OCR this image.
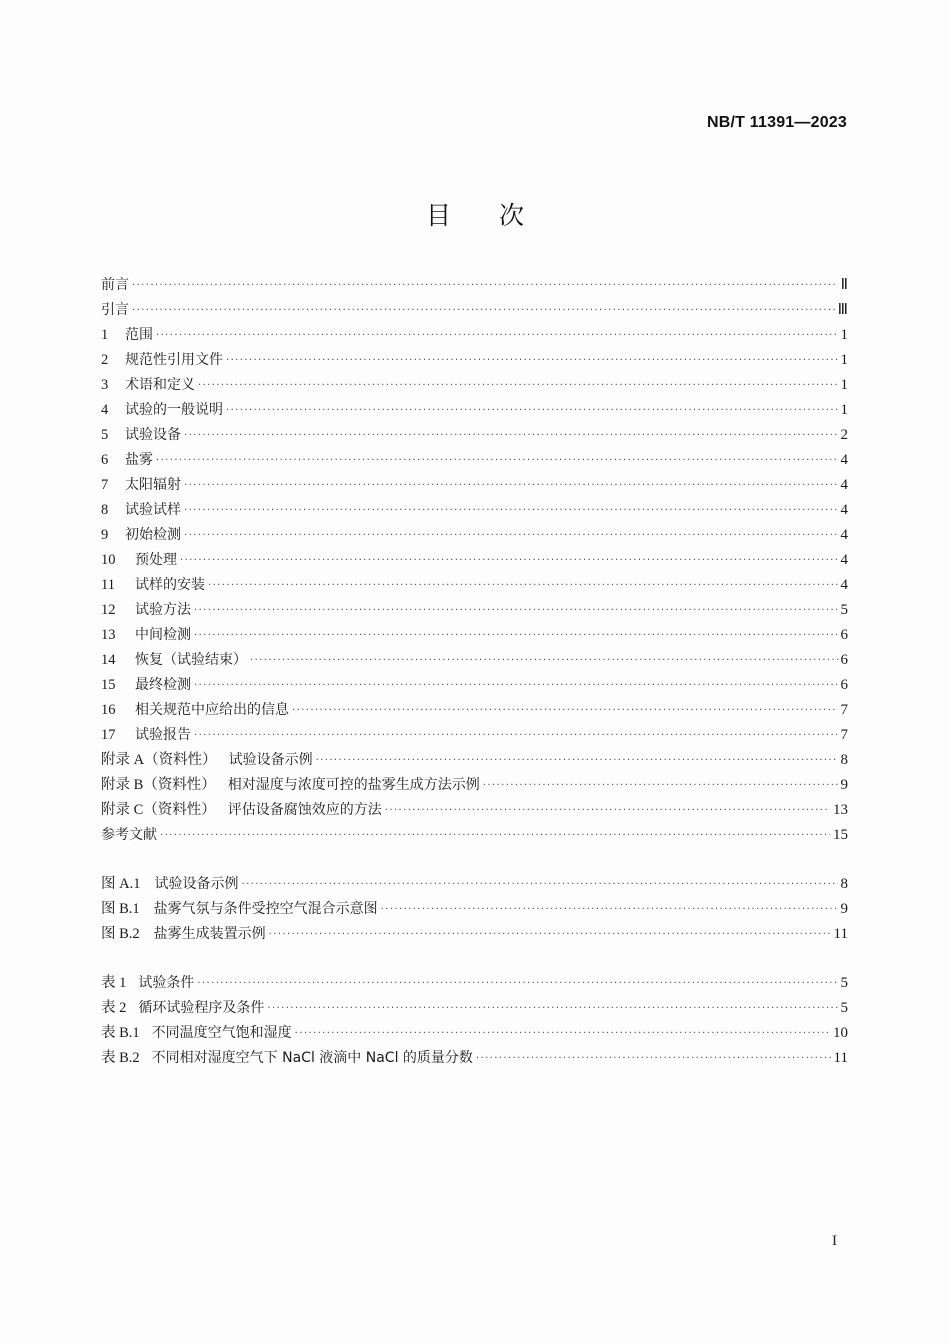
NB/T 11391—2023
目次
前言 ·····	Ⅱ
引言 ·····	Ⅲ
1	范围 ·····	1
2	规范性引用文件 ·····	1
3	术语和定义 ·····	1
4	试验的一般说明 ·····	1
5	试验设备 ·····	2
6	盐雾 ·····	4
7	太阳辐射 ·····	4
8	试验试样 ·····	4
9	初始检测 ·····	4
10	预处理 ·····	4
11	试样的安装 ·····	4
12	试验方法 ·····	5
13	中间检测 ·····	6
14	恢复（试验结束） ·····	6
15	最终检测 ·····	6
16	相关规范中应给出的信息 ·····	7
17	试验报告 ·····	7
附录 A（资料性） 试验设备示例 ·····	8
附录 B（资料性） 相对湿度与浓度可控的盐雾生成方法示例 ·····	9
附录 C（资料性） 评估设备腐蚀效应的方法 ·····	13
参考文献 ·····	15
图 A.1	试验设备示例 ·····	8
图 B.1	盐雾气氛与条件受控空气混合示意图 ·····	9
图 B.2	盐雾生成装置示例 ·····	11
表 1 试验条件 ·····	5
表 2 循环试验程序及条件 ·····	5
表 B.1 不同温度空气饱和湿度 ·····	10
表 B.2 不同相对湿度空气下 NaCl 液滴中 NaCl 的质量分数 ·····	11
I
